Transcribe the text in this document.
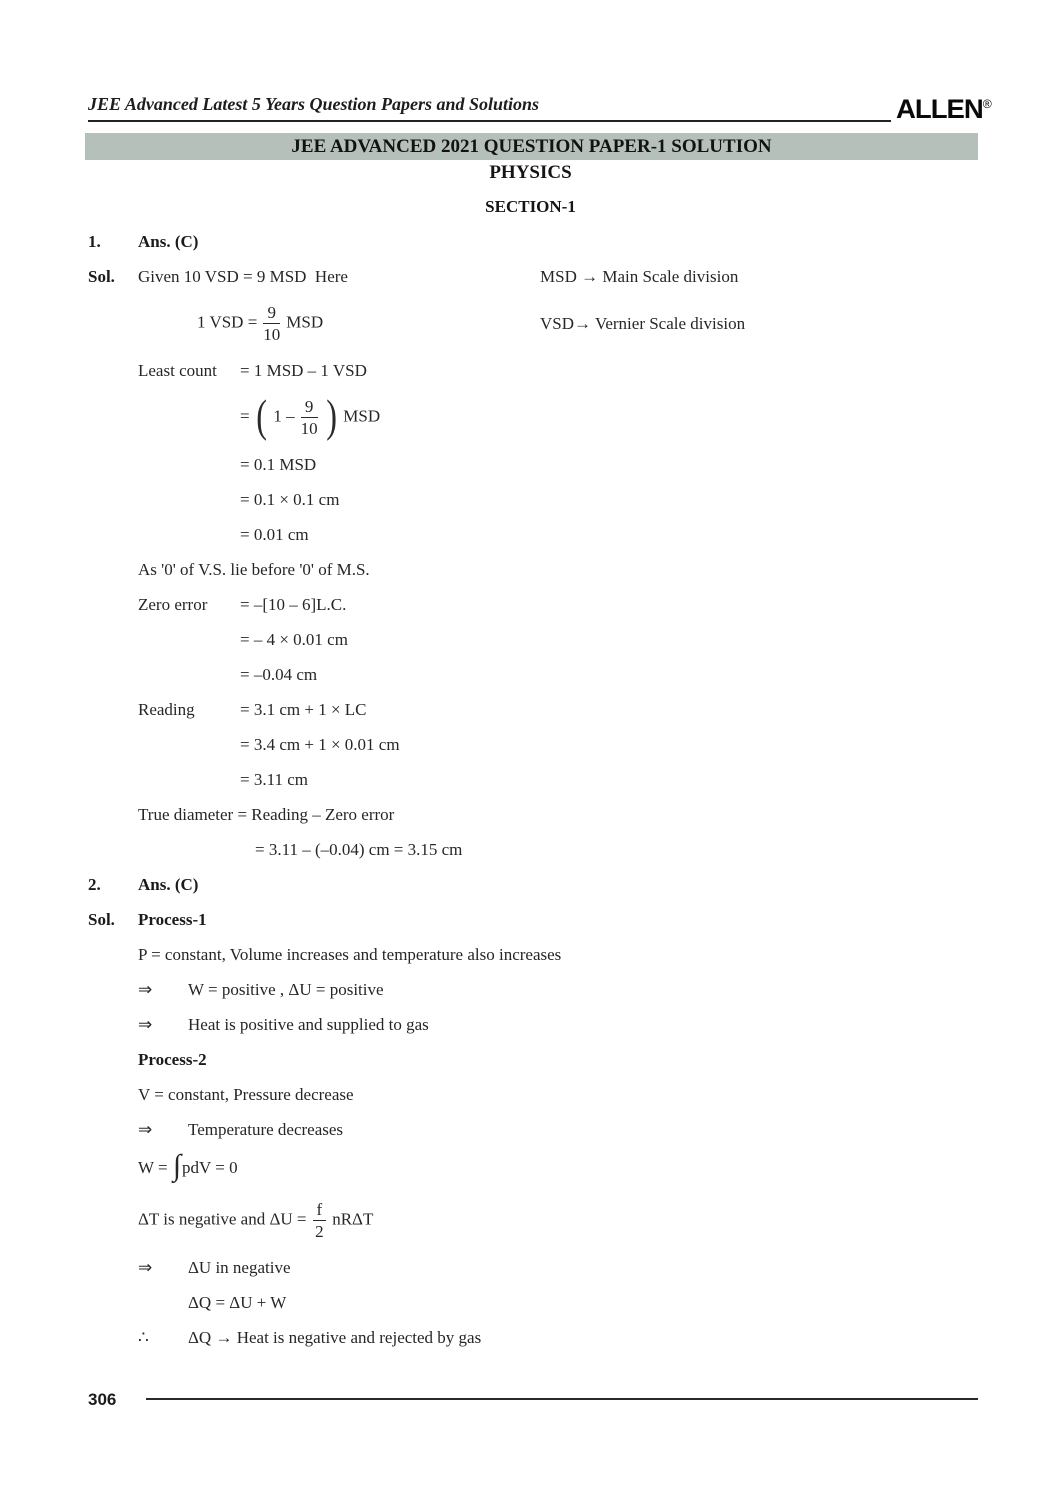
JEE Advanced Latest 5 Years Question Papers and Solutions	ALLEN®
JEE ADVANCED 2021 QUESTION PAPER-1 SOLUTION
PHYSICS
SECTION-1
1.	Ans. (C)
Sol.	Given 10 VSD = 9 MSD  Here	MSD → Main Scale division
1 VSD = $\frac{9}{10}$ MSD	VSD→ Vernier Scale division
Least count = 1 MSD – 1 VSD
= ( $1 - \frac{9}{10}$ ) MSD
= 0.1 MSD
= 0.1 × 0.1 cm
= 0.01 cm
As '0' of V.S. lie before '0' of M.S.
Zero error = –[10 – 6]L.C.
= – 4 × 0.01 cm
= –0.04 cm
Reading	= 3.1 cm + 1 × LC
= 3.4 cm + 1 × 0.01 cm
= 3.11 cm
True diameter = Reading – Zero error
= 3.11 – (–0.04) cm = 3.15 cm
2.	Ans. (C)
Sol.	Process-1
P = constant, Volume increases and temperature also increases
⇒ W = positive , ΔU = positive
⇒ Heat is positive and supplied to gas
Process-2
V = constant, Pressure decrease
⇒ Temperature decreases
W = ∫pdV = 0
ΔT is negative and $\Delta U = \frac{f}{2}$ nRΔT
⇒ ΔU in negative
ΔQ = ΔU + W
∴ ΔQ → Heat is negative and rejected by gas
306
